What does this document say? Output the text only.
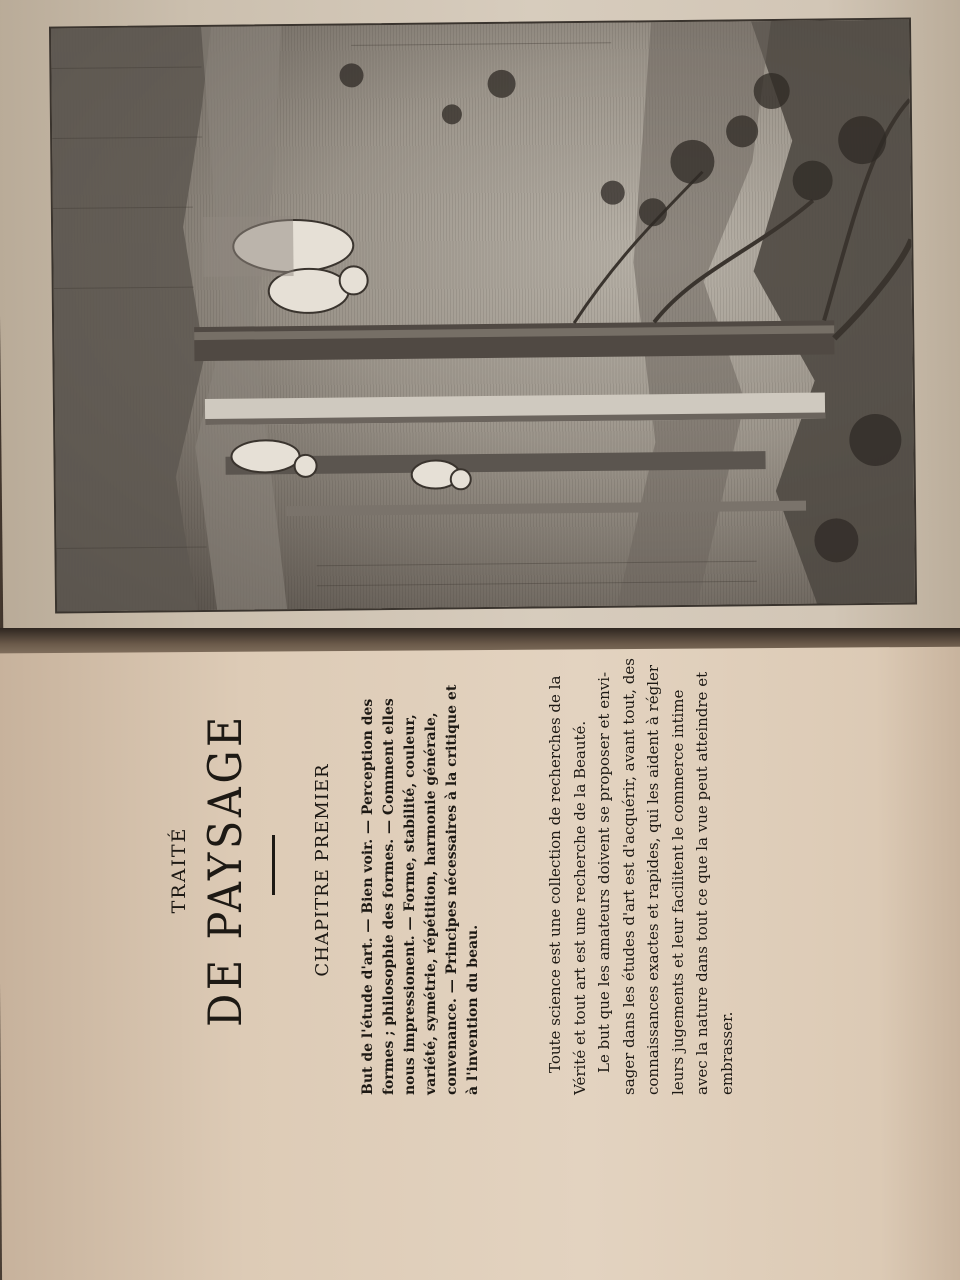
TRAITÉ DE PAYSAGE	CHAPITRE PREMIER But de l'étude d'art. — Bien voir. — Perception des formes ; philosophie des formes. — Comment elles nous impressionent. — Forme, stabilité, couleur, variété, symétrie, répétition, harmonie générale, convenance. — Principes nécessaires à la critique et à l'invention du beau.	Toute science est une collection de recherches de la Vérité et tout art est une recherche de la Beauté. Le but que les amateurs doivent se proposer et envi- sager dans les études d'art est d'acquérir, avant tout, des connaissances exactes et rapides, qui les aident à régler leurs jugements et leur facilitent le commerce intime avec la nature dans tout ce que la vue peut atteindre et embrasser.
